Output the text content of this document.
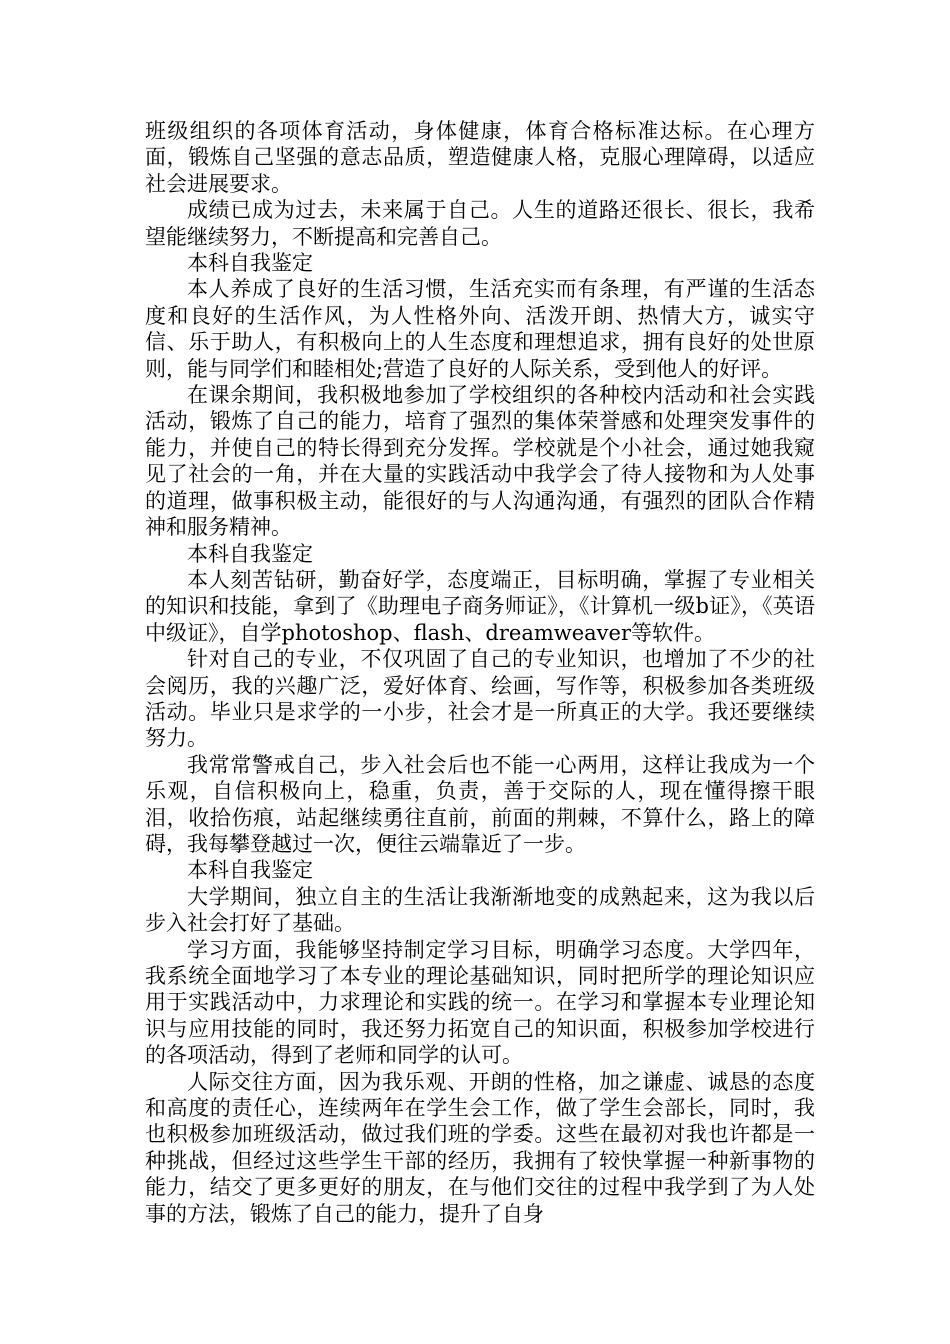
班级组织的各项体育活动，身体健康，体育合格标准达标。在心理方面，锻炼自己坚强的意志品质，塑造健康人格，克服心理障碍，以适应社会进展要求。

成绩已成为过去，未来属于自己。人生的道路还很长、很长，我希望能继续努力，不断提高和完善自己。

本科自我鉴定

本人养成了良好的生活习惯，生活充实而有条理，有严谨的生活态度和良好的生活作风，为人性格外向、活泼开朗、热情大方，诚实守信、乐于助人，有积极向上的人生态度和理想追求，拥有良好的处世原则，能与同学们和睦相处;营造了良好的人际关系，受到他人的好评。

在课余期间，我积极地参加了学校组织的各种校内活动和社会实践活动，锻炼了自己的能力，培育了强烈的集体荣誉感和处理突发事件的能力，并使自己的特长得到充分发挥。学校就是个小社会，通过她我窥见了社会的一角，并在大量的实践活动中我学会了待人接物和为人处事的道理，做事积极主动，能很好的与人沟通沟通，有强烈的团队合作精神和服务精神。

本科自我鉴定

本人刻苦钻研，勤奋好学，态度端正，目标明确，掌握了专业相关的知识和技能，拿到了《助理电子商务师证》，《计算机一级b证》，《英语中级证》，自学photoshop、flash、dreamweaver等软件。

针对自己的专业，不仅巩固了自己的专业知识，也增加了不少的社会阅历，我的兴趣广泛，爱好体育、绘画，写作等，积极参加各类班级活动。毕业只是求学的一小步，社会才是一所真正的大学。我还要继续努力。

我常常警戒自己，步入社会后也不能一心两用，这样让我成为一个乐观，自信积极向上，稳重，负责，善于交际的人，现在懂得擦干眼泪，收拾伤痕，站起继续勇往直前，前面的荆棘，不算什么，路上的障碍，我每攀登越过一次，便往云端靠近了一步。

本科自我鉴定

大学期间，独立自主的生活让我渐渐地变的成熟起来，这为我以后步入社会打好了基础。

学习方面，我能够坚持制定学习目标，明确学习态度。大学四年，我系统全面地学习了本专业的理论基础知识，同时把所学的理论知识应用于实践活动中，力求理论和实践的统一。在学习和掌握本专业理论知识与应用技能的同时，我还努力拓宽自己的知识面，积极参加学校进行的各项活动，得到了老师和同学的认可。

人际交往方面，因为我乐观、开朗的性格，加之谦虚、诚恳的态度和高度的责任心，连续两年在学生会工作，做了学生会部长，同时，我也积极参加班级活动，做过我们班的学委。这些在最初对我也许都是一种挑战，但经过这些学生干部的经历，我拥有了较快掌握一种新事物的能力，结交了更多更好的朋友，在与他们交往的过程中我学到了为人处事的方法，锻炼了自己的能力，提升了自身
